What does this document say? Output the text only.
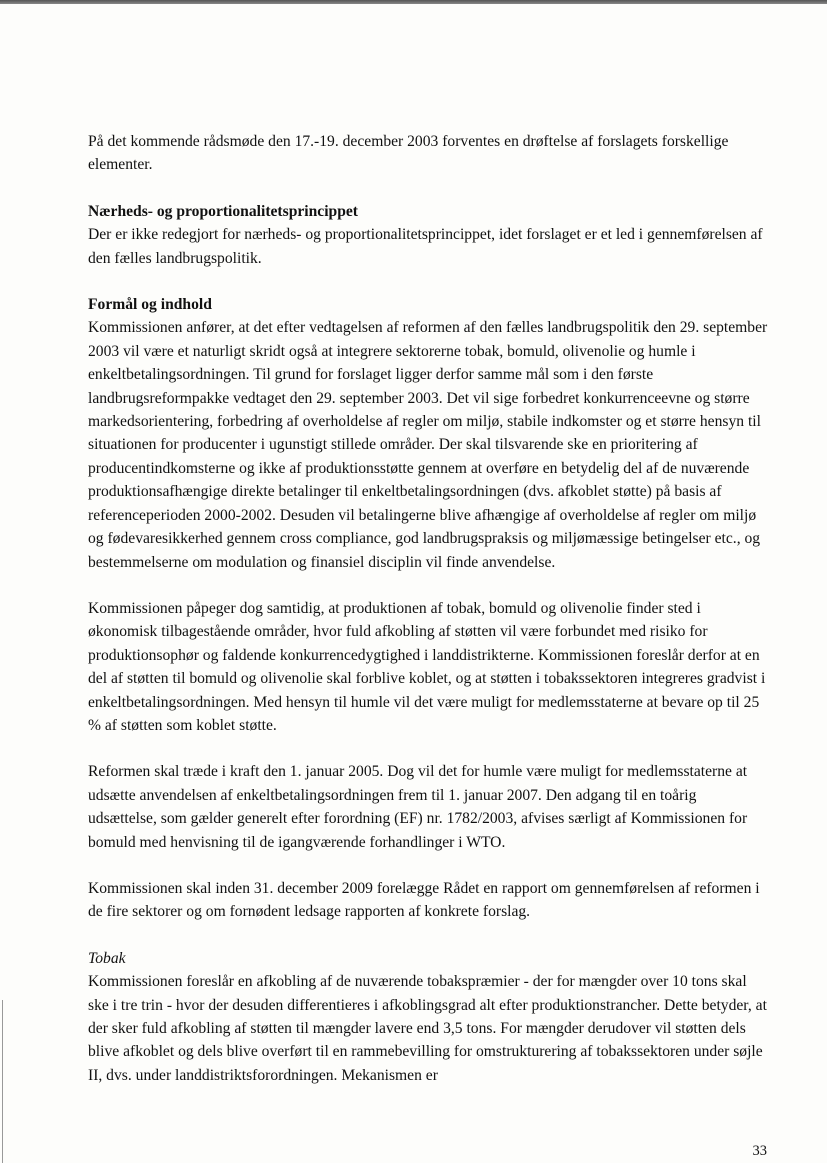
På det kommende rådsmøde den 17.-19. december 2003 forventes en drøftelse af forslagets forskellige elementer.

Nærheds- og proportionalitetsprincippet

Der er ikke redegjort for nærheds- og proportionalitetsprincippet, idet forslaget er et led i gennemførelsen af den fælles landbrugspolitik.

Formål og indhold

Kommissionen anfører, at det efter vedtagelsen af reformen af den fælles landbrugspolitik den 29. september 2003 vil være et naturligt skridt også at integrere sektorerne tobak, bomuld, olivenolie og humle i enkeltbetalingsordningen. Til grund for forslaget ligger derfor samme mål som i den første landbrugsreformpakke vedtaget den 29. september 2003. Det vil sige forbedret konkurrenceevne og større markedsorientering, forbedring af overholdelse af regler om miljø, stabile indkomster og et større hensyn til situationen for producenter i ugunstigt stillede områder. Der skal tilsvarende ske en prioritering af producentindkomsterne og ikke af produktionsstøtte gennem at overføre en betydelig del af de nuværende produktionsafhængige direkte betalinger til enkeltbetalingsordningen (dvs. afkoblet støtte) på basis af referenceperioden 2000-2002. Desuden vil betalingerne blive afhængige af overholdelse af regler om miljø og fødevaresikkerhed gennem cross compliance, god landbrugspraksis og miljømæssige betingelser etc., og bestemmelserne om modulation og finansiel disciplin vil finde anvendelse.

Kommissionen påpeger dog samtidig, at produktionen af tobak, bomuld og olivenolie finder sted i økonomisk tilbagestående områder, hvor fuld afkobling af støtten vil være forbundet med risiko for produktionsophør og faldende konkurrencedygtighed i landdistrikterne. Kommissionen foreslår derfor at en del af støtten til bomuld og olivenolie skal forblive koblet, og at støtten i tobakssektoren integreres gradvist i enkeltbetalingsordningen. Med hensyn til humle vil det være muligt for medlemsstaterne at bevare op til 25 % af støtten som koblet støtte.

Reformen skal træde i kraft den 1. januar 2005. Dog vil det for humle være muligt for medlemsstaterne at udsætte anvendelsen af enkeltbetalingsordningen frem til 1. januar 2007. Den adgang til en toårig udsættelse, som gælder generelt efter forordning (EF) nr. 1782/2003, afvises særligt af Kommissionen for bomuld med henvisning til de igangværende forhandlinger i WTO.

Kommissionen skal inden 31. december 2009 forelægge Rådet en rapport om gennemførelsen af reformen i de fire sektorer og om fornødent ledsage rapporten af konkrete forslag.

Tobak

Kommissionen foreslår en afkobling af de nuværende tobakspræmier - der for mængder over 10 tons skal ske i tre trin - hvor der desuden differentieres i afkoblingsgrad alt efter produktionstrancher. Dette betyder, at der sker fuld afkobling af støtten til mængder lavere end 3,5 tons. For mængder derudover vil støtten dels blive afkoblet og dels blive overført til en rammebevilling for omstrukturering af tobakssektoren under søjle II, dvs. under landdistriktsforordningen. Mekanismen er

33
